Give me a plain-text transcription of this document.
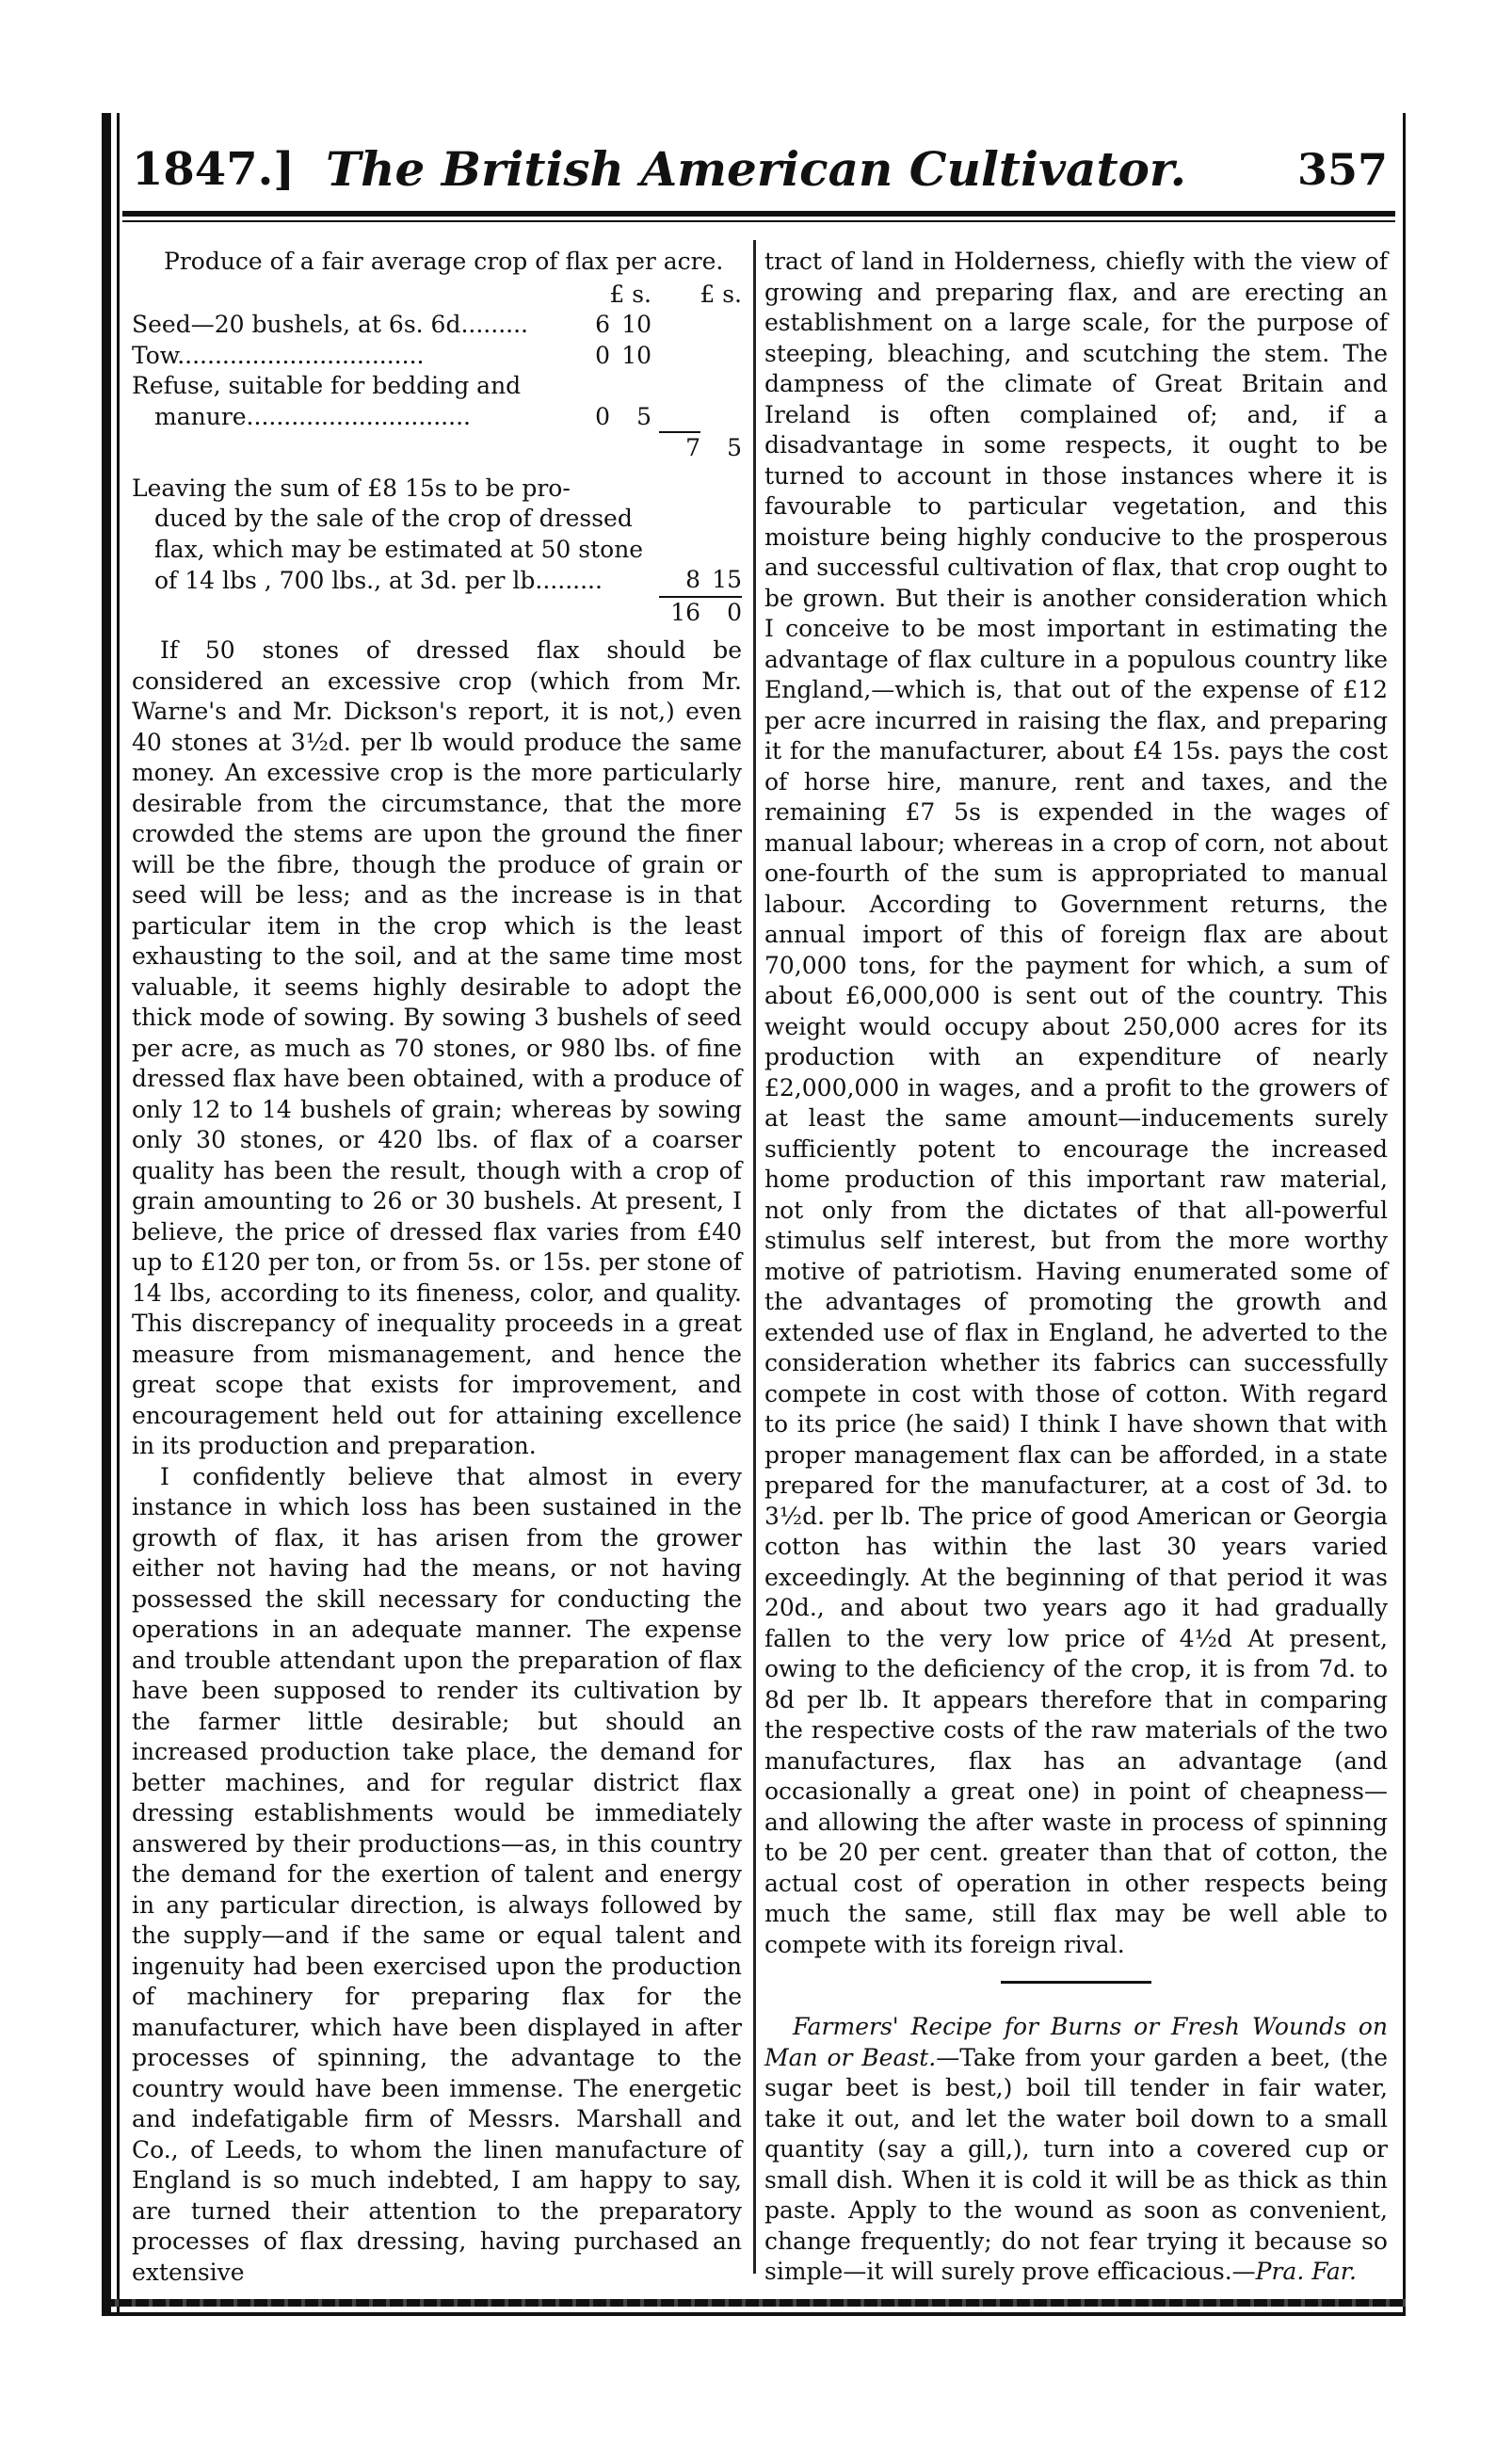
The British American Cultivator.
1847.]	357

Produce of a fair average crop of flax per acre.

	£ s.			£ s.	
Seed—20 bushels, at 6s. 6d.........	6	10			
Tow.................................	0	10			
Refuse, suitable for bedding and					
manure..............................	0	5			
				7	5
Leaving the sum of £8 15s to be pro-					
duced by the sale of the crop of dressed					
flax, which may be estimated at 50 stone					
of 14 lbs , 700 lbs., at 3d. per lb.........				8	15
				16	0

If 50 stones of dressed flax should be considered an excessive crop (which from Mr. Warne's and Mr. Dickson's report, it is not,) even 40 stones at 3½d. per lb would produce the same money. An excessive crop is the more particularly desirable from the circumstance, that the more crowded the stems are upon the ground the finer will be the fibre, though the produce of grain or seed will be less; and as the increase is in that particular item in the crop which is the least exhausting to the soil, and at the same time most valuable, it seems highly desirable to adopt the thick mode of sowing. By sowing 3 bushels of seed per acre, as much as 70 stones, or 980 lbs. of fine dressed flax have been obtained, with a produce of only 12 to 14 bushels of grain; whereas by sowing only 30 stones, or 420 lbs. of flax of a coarser quality has been the result, though with a crop of grain amounting to 26 or 30 bushels. At present, I believe, the price of dressed flax varies from £40 up to £120 per ton, or from 5s. or 15s. per stone of 14 lbs, according to its fineness, color, and quality. This discrepancy of inequality proceeds in a great measure from mismanagement, and hence the great scope that exists for improvement, and encouragement held out for attaining excellence in its production and preparation.

I confidently believe that almost in every instance in which loss has been sustained in the growth of flax, it has arisen from the grower either not having had the means, or not having possessed the skill necessary for conducting the operations in an adequate manner. The expense and trouble attendant upon the preparation of flax have been supposed to render its cultivation by the farmer little desirable; but should an increased production take place, the demand for better machines, and for regular district flax dressing establishments would be immediately answered by their productions—as, in this country the demand for the exertion of talent and energy in any particular direction, is always followed by the supply—and if the same or equal talent and ingenuity had been exercised upon the production of machinery for preparing flax for the manufacturer, which have been displayed in after processes of spinning, the advantage to the country would have been immense. The energetic and indefatigable firm of Messrs. Marshall and Co., of Leeds, to whom the linen manufacture of England is so much indebted, I am happy to say, are turned their attention to the preparatory processes of flax dressing, having purchased an extensive

tract of land in Holderness, chiefly with the view of growing and preparing flax, and are erecting an establishment on a large scale, for the purpose of steeping, bleaching, and scutching the stem. The dampness of the climate of Great Britain and Ireland is often complained of; and, if a disadvantage in some respects, it ought to be turned to account in those instances where it is favourable to particular vegetation, and this moisture being highly conducive to the prosperous and successful cultivation of flax, that crop ought to be grown. But their is another consideration which I conceive to be most important in estimating the advantage of flax culture in a populous country like England,—which is, that out of the expense of £12 per acre incurred in raising the flax, and preparing it for the manufacturer, about £4 15s. pays the cost of horse hire, manure, rent and taxes, and the remaining £7 5s is expended in the wages of manual labour; whereas in a crop of corn, not about one-fourth of the sum is appropriated to manual labour. According to Government returns, the annual import of this of foreign flax are about 70,000 tons, for the payment for which, a sum of about £6,000,000 is sent out of the country. This weight would occupy about 250,000 acres for its production with an expenditure of nearly £2,000,000 in wages, and a profit to the growers of at least the same amount—inducements surely sufficiently potent to encourage the increased home production of this important raw material, not only from the dictates of that all-powerful stimulus self interest, but from the more worthy motive of patriotism. Having enumerated some of the advantages of promoting the growth and extended use of flax in England, he adverted to the consideration whether its fabrics can successfully compete in cost with those of cotton. With regard to its price (he said) I think I have shown that with proper management flax can be afforded, in a state prepared for the manufacturer, at a cost of 3d. to 3½d. per lb. The price of good American or Georgia cotton has within the last 30 years varied exceedingly. At the beginning of that period it was 20d., and about two years ago it had gradually fallen to the very low price of 4½d At present, owing to the deficiency of the crop, it is from 7d. to 8d per lb. It appears therefore that in comparing the respective costs of the raw materials of the two manufactures, flax has an advantage (and occasionally a great one) in point of cheapness—and allowing the after waste in process of spinning to be 20 per cent. greater than that of cotton, the actual cost of operation in other respects being much the same, still flax may be well able to compete with its foreign rival.

Farmers' Recipe for Burns or Fresh Wounds on Man or Beast.—Take from your garden a beet, (the sugar beet is best,) boil till tender in fair water, take it out, and let the water boil down to a small quantity (say a gill,), turn into a covered cup or small dish. When it is cold it will be as thick as thin paste. Apply to the wound as soon as convenient, change frequently; do not fear trying it because so simple—it will surely prove efficacious.—Pra. Far.
